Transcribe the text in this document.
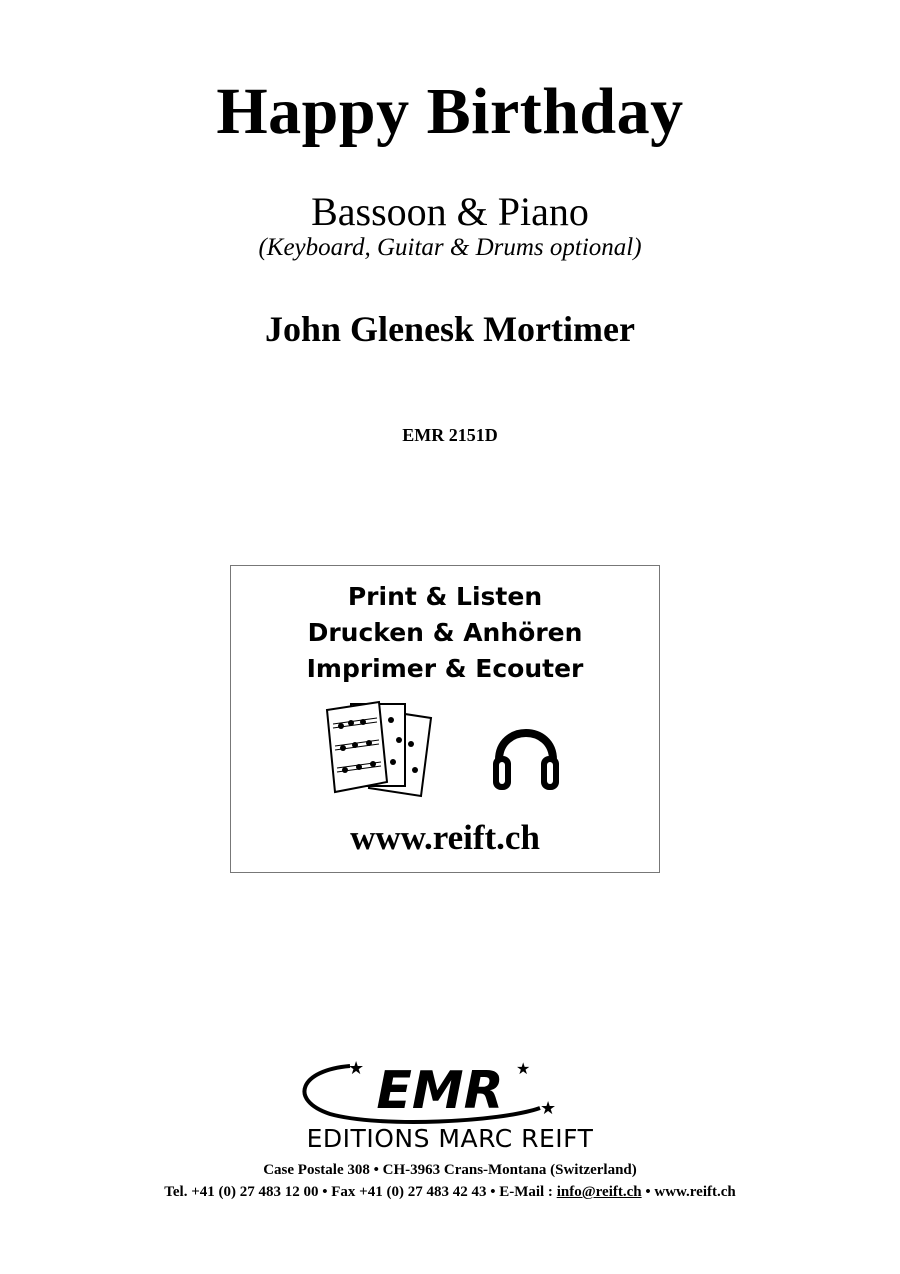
Happy Birthday
Bassoon & Piano
(Keyboard, Guitar & Drums optional)
John Glenesk Mortimer
EMR 2151D
Print & Listen
Drucken & Anhören
Imprimer & Ecouter
www.reift.ch
EMR
★	★
★
EDITIONS MARC REIFT
Case Postale 308 • CH-3963 Crans-Montana (Switzerland)
Tel. +41 (0) 27 483 12 00 • Fax +41 (0) 27 483 42 43 • E-Mail : info@reift.ch • www.reift.ch
